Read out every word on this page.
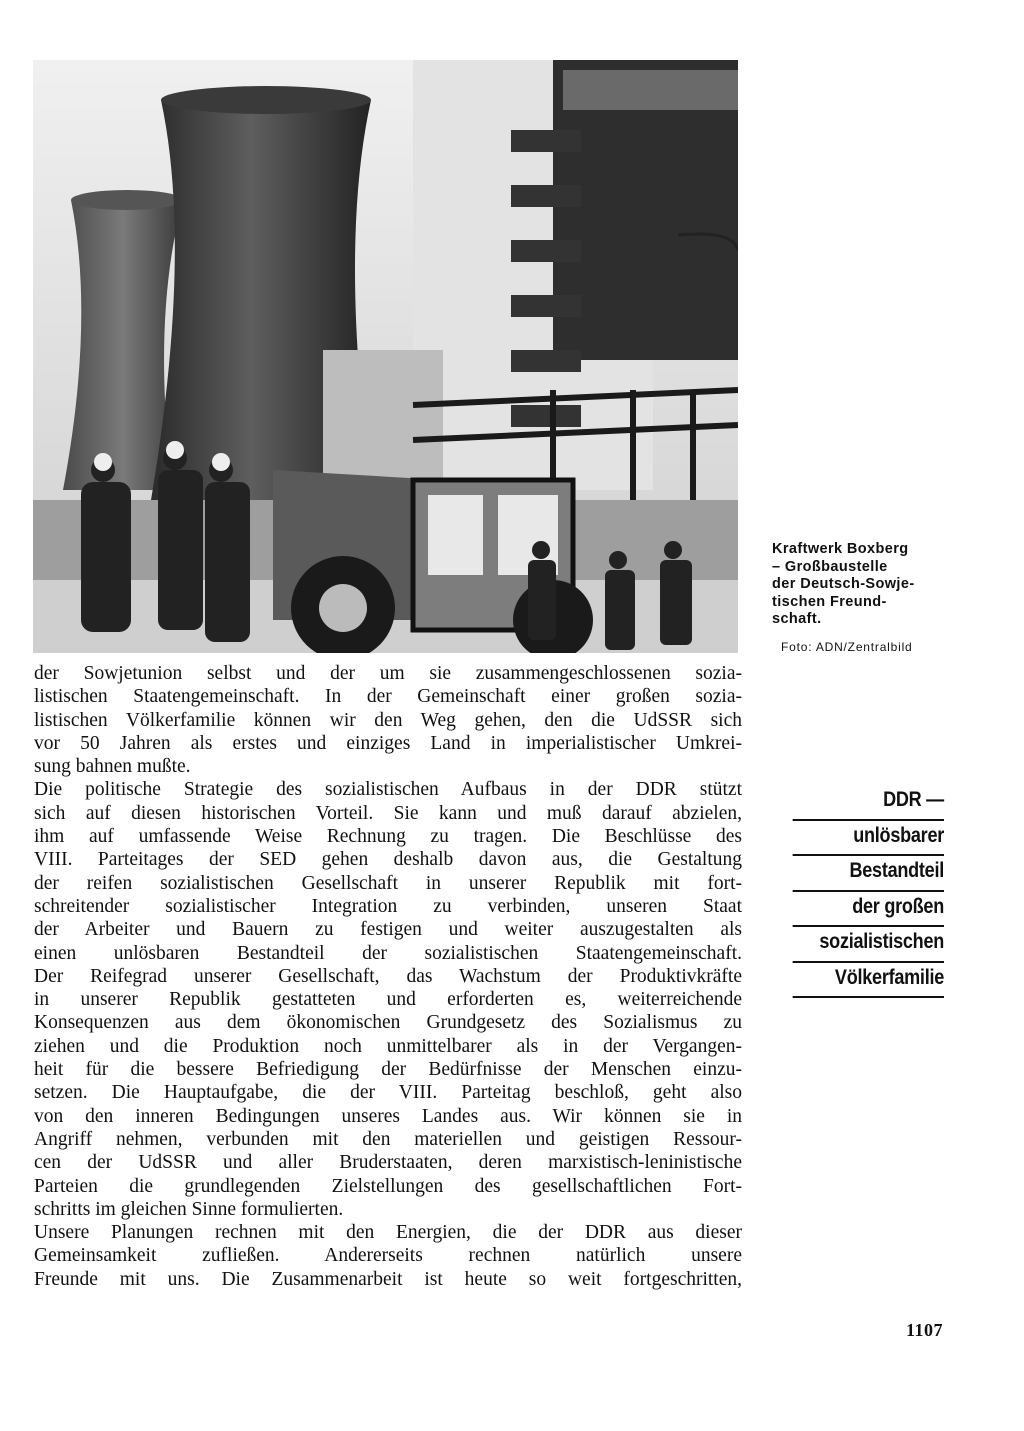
Kraftwerk Boxberg
– Großbaustelle
der Deutsch-Sowje-
tischen Freund-
schaft.
Foto: ADN/Zentralbild
der Sowjetunion selbst und der um sie zusammengeschlossenen sozia-
listischen Staatengemeinschaft. In der Gemeinschaft einer großen sozia-
listischen Völkerfamilie können wir den Weg gehen, den die UdSSR sich
vor 50 Jahren als erstes und einziges Land in imperialistischer Umkrei-
sung bahnen mußte.
Die politische Strategie des sozialistischen Aufbaus in der DDR stützt
sich auf diesen historischen Vorteil. Sie kann und muß darauf abzielen,
ihm auf umfassende Weise Rechnung zu tragen. Die Beschlüsse des
VIII. Parteitages der SED gehen deshalb davon aus, die Gestaltung
der reifen sozialistischen Gesellschaft in unserer Republik mit fort-
schreitender sozialistischer Integration zu verbinden, unseren Staat
der Arbeiter und Bauern zu festigen und weiter auszugestalten als
einen unlösbaren Bestandteil der sozialistischen Staatengemeinschaft.
Der Reifegrad unserer Gesellschaft, das Wachstum der Produktivkräfte
in unserer Republik gestatteten und erforderten es, weiterreichende
Konsequenzen aus dem ökonomischen Grundgesetz des Sozialismus zu
ziehen und die Produktion noch unmittelbarer als in der Vergangen-
heit für die bessere Befriedigung der Bedürfnisse der Menschen einzu-
setzen. Die Hauptaufgabe, die der VIII. Parteitag beschloß, geht also
von den inneren Bedingungen unseres Landes aus. Wir können sie in
Angriff nehmen, verbunden mit den materiellen und geistigen Ressour-
cen der UdSSR und aller Bruderstaaten, deren marxistisch-leninistische
Parteien die grundlegenden Zielstellungen des gesellschaftlichen Fort-
schritts im gleichen Sinne formulierten.
Unsere Planungen rechnen mit den Energien, die der DDR aus dieser
Gemeinsamkeit zufließen. Andererseits rechnen natürlich unsere
Freunde mit uns. Die Zusammenarbeit ist heute so weit fortgeschritten,
DDR —
unlösbarer
Bestandteil
der großen
sozialistischen
Völkerfamilie
1107
